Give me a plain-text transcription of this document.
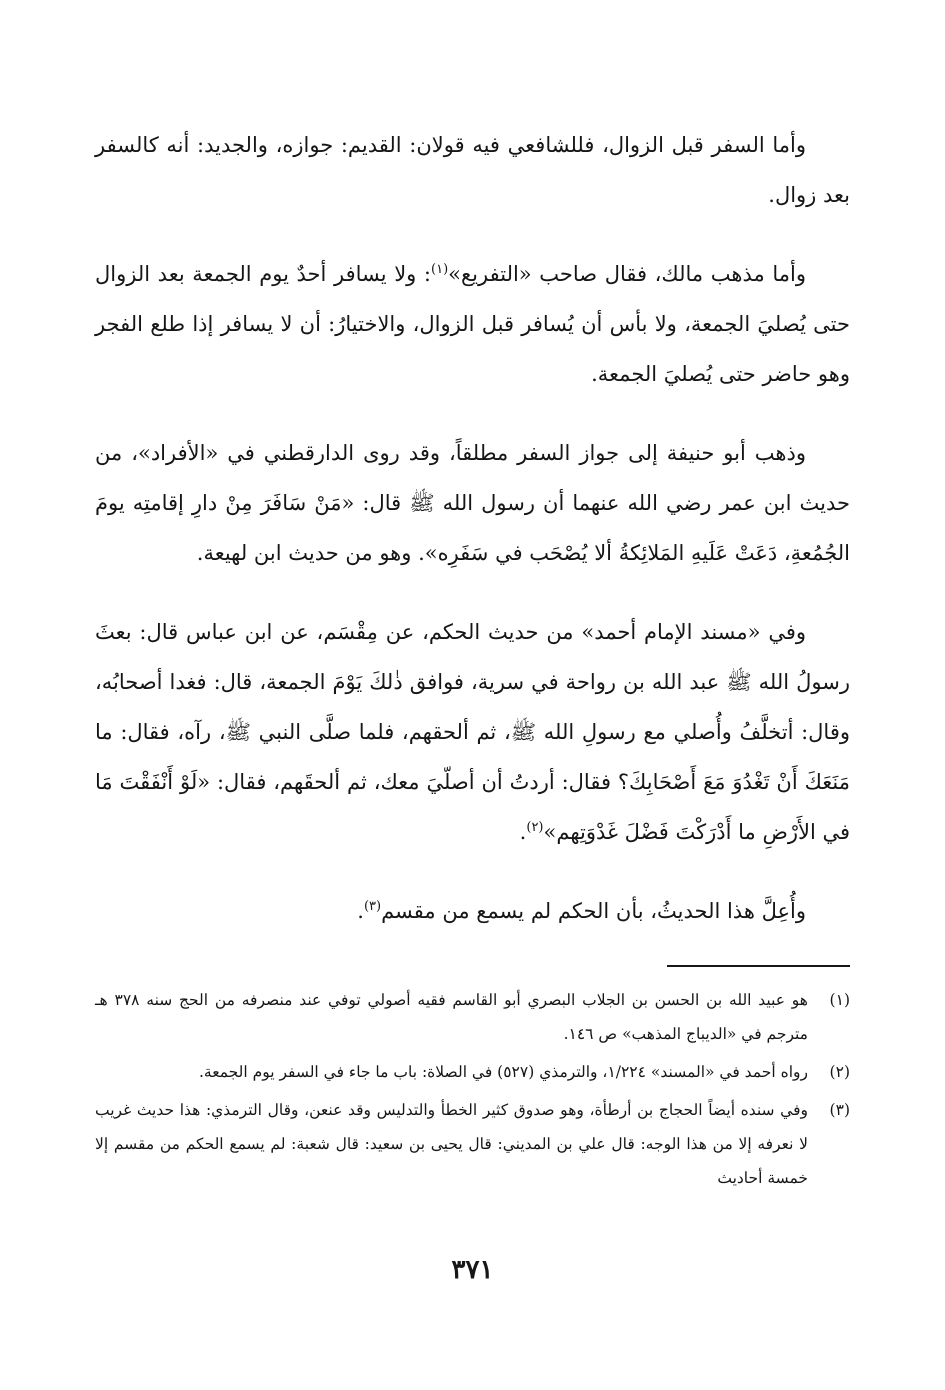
وأما السفر قبل الزوال، فللشافعي فيه قولان: القديم: جوازه، والجديد: أنه كالسفر بعد زوال.

وأما مذهب مالك، فقال صاحب «التفريع»$^{(١)}$: ولا يسافر أحدٌ يوم الجمعة بعد الزوال حتى يُصليَ الجمعة، ولا بأس أن يُسافر قبل الزوال، والاختيارُ: أن لا يسافر إذا طلع الفجر وهو حاضر حتى يُصليَ الجمعة.

وذهب أبو حنيفة إلى جواز السفر مطلقاً، وقد روى الدارقطني في «الأفراد»، من حديث ابن عمر رضي الله عنهما أن رسول الله ﷺ قال: «مَنْ سَافَرَ مِنْ دارِ إقامتِه يومَ الجُمُعةِ، دَعَتْ عَلَيهِ المَلائِكةُ ألا يُصْحَب في سَفَرِه». وهو من حديث ابن لهيعة.

وفي «مسند الإمام أحمد» من حديث الحكم، عن مِقْسَم، عن ابن عباس قال: بعثَ رسولُ الله ﷺ عبد الله بن رواحة في سرية، فوافق ذٰلكَ يَوْمَ الجمعة، قال: فغدا أصحابُه، وقال: أتخلَّفُ وأُصلي مع رسولِ الله ﷺ، ثم ألحقهم، فلما صلَّى النبي ﷺ، رآه، فقال: ما مَنَعَكَ أَنْ تَغْدُوَ مَعَ أَصْحَابِكَ؟ فقال: أردتُ أن أصلّيَ معك، ثم ألحقَهم، فقال: «لَوْ أَنْفَقْتَ مَا في الأَرْضِ ما أَدْرَكْتَ فَضْلَ غَدْوَتِهم»$^{(٢)}$.

وأُعِلَّ هذا الحديثُ، بأن الحكم لم يسمع من مقسم$^{(٣)}$.

(١)
هو عبيد الله بن الحسن بن الجلاب البصري أبو القاسم فقيه أصولي توفي عند منصرفه من الحج سنه ٣٧٨ هـ مترجم في «الديباج المذهب» ص ١٤٦.
(٢)
رواه أحمد في «المسند» ١/٢٢٤، والترمذي (٥٢٧) في الصلاة: باب ما جاء في السفر يوم الجمعة.
(٣)
وفي سنده أيضاً الحجاج بن أرطأة، وهو صدوق كثير الخطأ والتدليس وقد عنعن، وقال الترمذي: هذا حديث غريب لا نعرفه إلا من هذا الوجه: قال علي بن المديني: قال يحيى بن سعيد: قال شعبة: لم يسمع الحكم من مقسم إلا خمسة أحاديث
٣٧١
